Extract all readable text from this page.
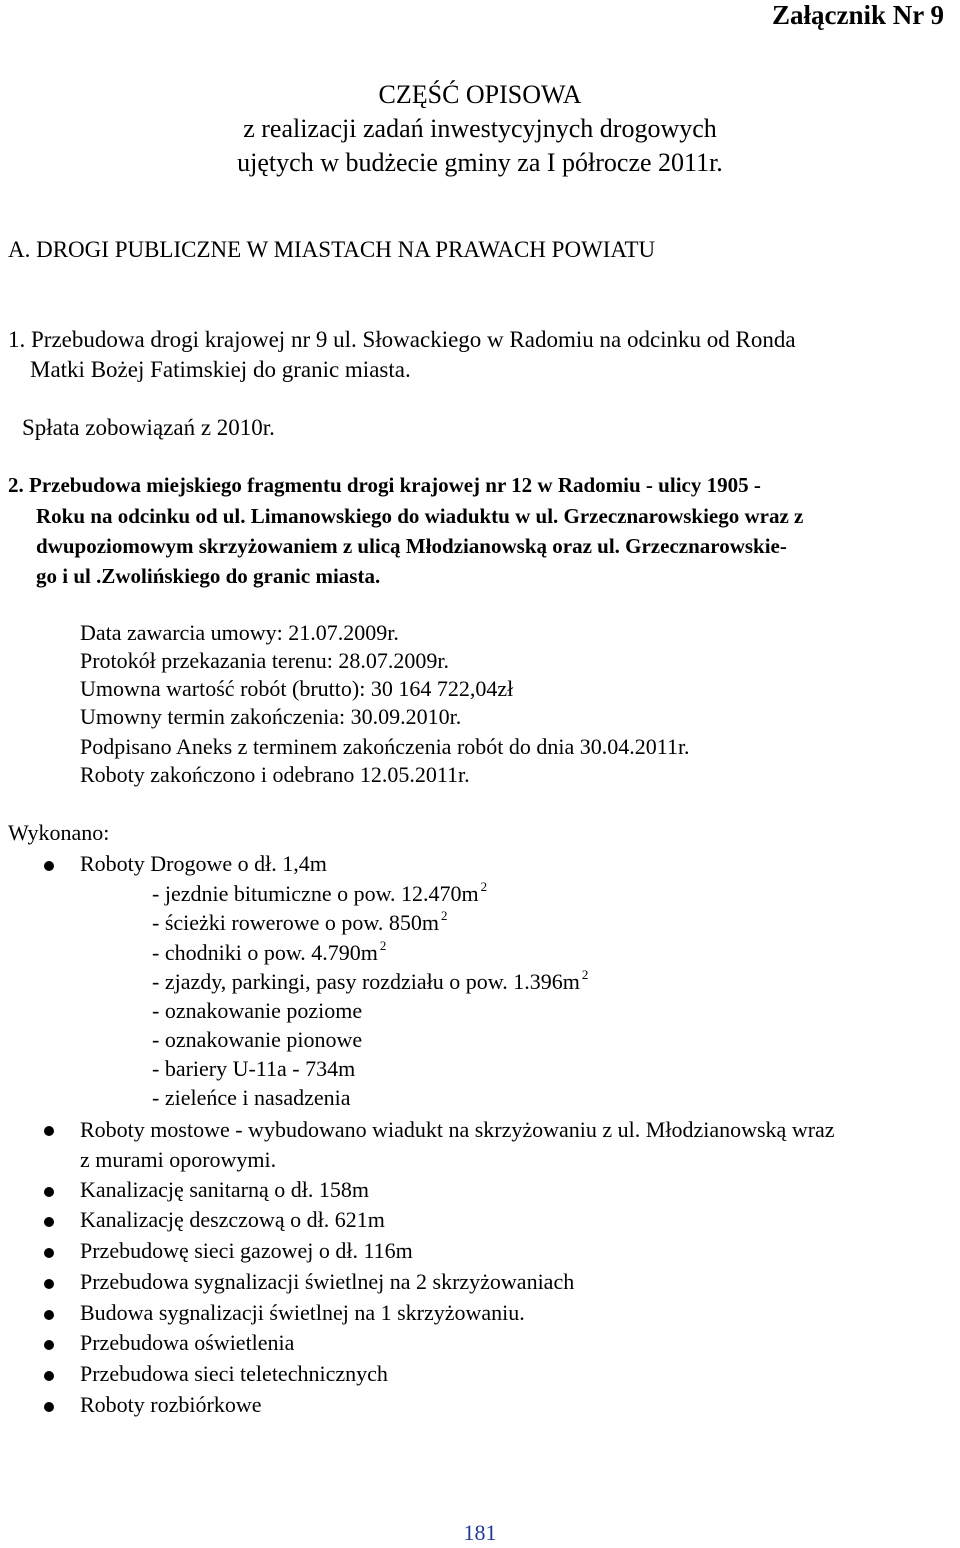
Załącznik Nr 9
CZĘŚĆ OPISOWA
z realizacji zadań inwestycyjnych drogowych
ujętych w budżecie gminy za I półrocze 2011r.
A. DROGI PUBLICZNE W MIASTACH NA PRAWACH POWIATU
1. Przebudowa drogi krajowej nr 9 ul. Słowackiego w Radomiu na odcinku od Ronda
Matki Bożej Fatimskiej do granic miasta.
Spłata zobowiązań z 2010r.
2. Przebudowa miejskiego fragmentu drogi krajowej nr 12 w Radomiu - ulicy 1905 -
Roku na odcinku od ul. Limanowskiego do wiaduktu w ul. Grzecznarowskiego wraz z
dwupoziomowym skrzyżowaniem z ulicą Młodzianowską oraz ul. Grzecznarowskie-
go i ul .Zwolińskiego do granic miasta.
Data zawarcia umowy: 21.07.2009r.
Protokół przekazania terenu: 28.07.2009r.
Umowna wartość robót (brutto): 30 164 722,04zł
Umowny termin zakończenia: 30.09.2010r.
Podpisano Aneks z terminem zakończenia robót do dnia 30.04.2011r.
Roboty zakończono i odebrano 12.05.2011r.
Wykonano:
Roboty Drogowe o dł. 1,4m
- jezdnie bitumiczne o pow. 12.470m $^2$
- ścieżki rowerowe o pow. 850m $^2$
- chodniki o pow. 4.790m $^2$
- zjazdy, parkingi, pasy rozdziału o pow. 1.396m $^2$
- oznakowanie poziome
- oznakowanie pionowe
- bariery U-11a - 734m
- zieleńce i nasadzenia
Roboty mostowe - wybudowano wiadukt na skrzyżowaniu z ul. Młodzianowską wraz
z murami oporowymi.
Kanalizację sanitarną o dł. 158m
Kanalizację deszczową o dł. 621m
Przebudowę sieci gazowej o dł. 116m
Przebudowa sygnalizacji świetlnej na 2 skrzyżowaniach
Budowa sygnalizacji świetlnej na 1 skrzyżowaniu.
Przebudowa oświetlenia
Przebudowa sieci teletechnicznych
Roboty rozbiórkowe
181
